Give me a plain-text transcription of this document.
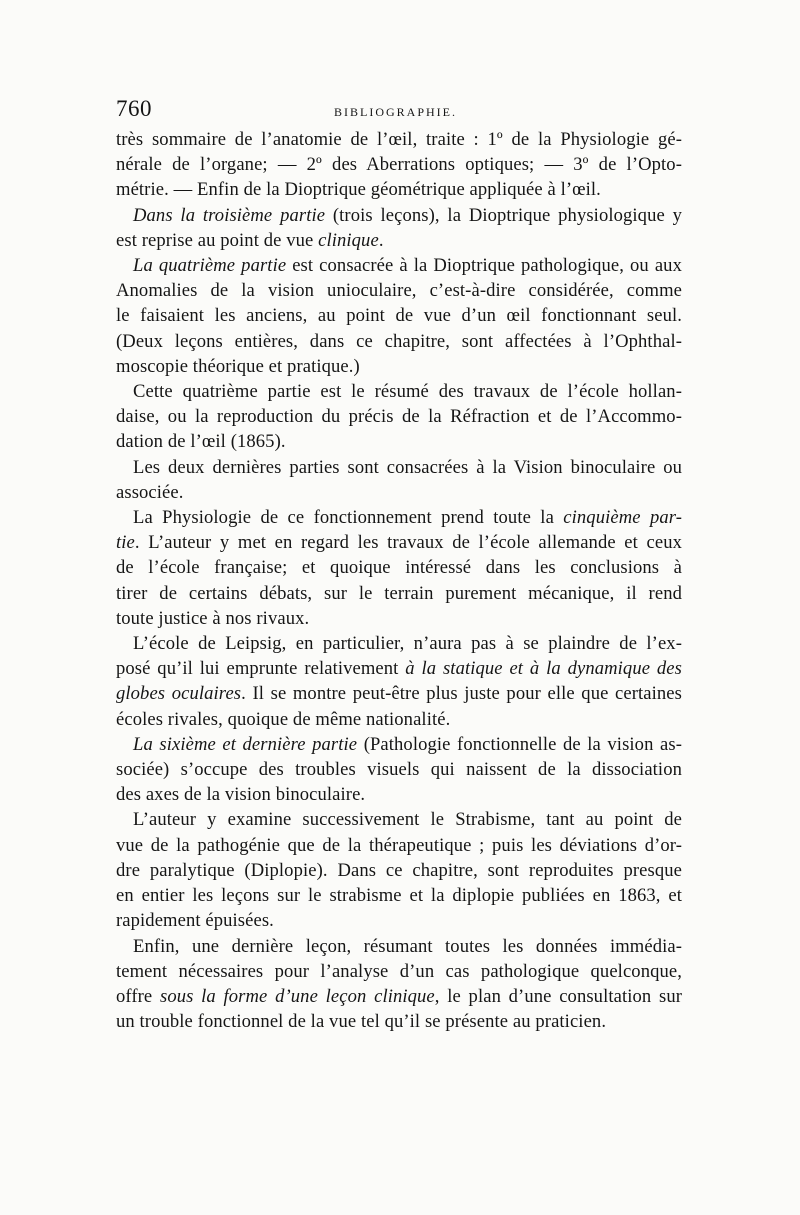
760	BIBLIOGRAPHIE.

très sommaire de l’anatomie de l’œil, traite : 1º de la Physiologie gé-

nérale de l’organe; — 2º des Aberrations optiques; — 3º de l’Opto-

métrie. — Enfin de la Dioptrique géométrique appliquée à l’œil.

Dans la troisième partie (trois leçons), la Dioptrique physiologique y

est reprise au point de vue clinique.

La quatrième partie est consacrée à la Dioptrique pathologique, ou aux

Anomalies de la vision unioculaire, c’est-à-dire considérée, comme

le faisaient les anciens, au point de vue d’un œil fonctionnant seul.

(Deux leçons entières, dans ce chapitre, sont affectées à l’Ophthal-

moscopie théorique et pratique.)

Cette quatrième partie est le résumé des travaux de l’école hollan-

daise, ou la reproduction du précis de la Réfraction et de l’Accommo-

dation de l’œil (1865).

Les deux dernières parties sont consacrées à la Vision binoculaire ou

associée.

La Physiologie de ce fonctionnement prend toute la cinquième par-

tie. L’auteur y met en regard les travaux de l’école allemande et ceux

de l’école française; et quoique intéressé dans les conclusions à

tirer de certains débats, sur le terrain purement mécanique, il rend

toute justice à nos rivaux.

L’école de Leipsig, en particulier, n’aura pas à se plaindre de l’ex-

posé qu’il lui emprunte relativement à la statique et à la dynamique des

globes oculaires. Il se montre peut-être plus juste pour elle que certaines

écoles rivales, quoique de même nationalité.

La sixième et dernière partie (Pathologie fonctionnelle de la vision as-

sociée) s’occupe des troubles visuels qui naissent de la dissociation

des axes de la vision binoculaire.

L’auteur y examine successivement le Strabisme, tant au point de

vue de la pathogénie que de la thérapeutique ; puis les déviations d’or-

dre paralytique (Diplopie). Dans ce chapitre, sont reproduites presque

en entier les leçons sur le strabisme et la diplopie publiées en 1863, et

rapidement épuisées.

Enfin, une dernière leçon, résumant toutes les données immédia-

tement nécessaires pour l’analyse d’un cas pathologique quelconque,

offre sous la forme d’une leçon clinique, le plan d’une consultation sur

un trouble fonctionnel de la vue tel qu’il se présente au praticien.
